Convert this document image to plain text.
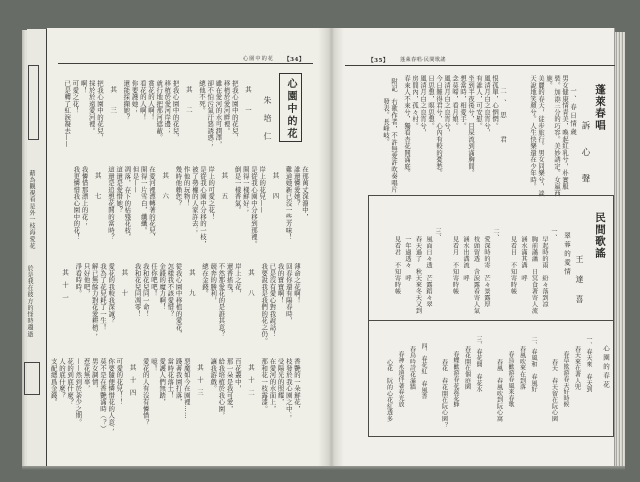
藉為觀視看是外一枝海愛花
於是我在彼方的怪時趨逝
心園中的花 【34】
心園中的花
朱培仁
其一
把我心園中的花兒，
移植於愛河畔裡。
雖在愛河的水可潤澤，
卻不怕污氣汙惡誘惑；
總他不死。
其二
把我心園中的花兒，
移植於愛河岸邊；
就行地把那河遮蔽。
賞花的人啊！
看花的人啊！
你要護她；
還能採擷她？
其三
把我心園中的花兒，
採於於遠愛河裡。
啊！
可愛之花！
已是轉了紅淚凝去——
在那萬丈深淵中，
誰還憐愛她？
難道她新已沒一些芳味！
其四
岸上的花兒——
是從我心園中分移到那裡。
開得一樣鮮好；
倒是一樣香氣。
其五
岸上的可愛之花！
是從我心園中分移的一枝，
被了勢權的人家許去；
作他的玩物！
幾時他賴您？
其六
在愛河裡漂轉著的花兒，
開得一片雪白，纖纖。
但是——
凋落，存下的枯殘花枝，
這還是愛惜她？
這還是追想花開的當時？
其七
我憐惜那漂上的花；
我更憐惜我心園中的花！
薄命之花啊！
回春你還有陽春時，
我的寶寶啊！
已是沒有愛心對我說話！
我要說我是我們的花之仍。
其八
岸上之花，
還香搖曳，
不然那愛花的是誰其意？
競奔的勝利，
總在金錢。
其九
從我心園中移植的愛花，
怎樣我不該愛惜？
金錢的魔力啊！
任你吧吧！
我和花兒同一命！
我和花兒同凋零！
其十
愛花的我較我深誠？
我為了花兒耗了一生！
解已無餘力對花愛耕植；
只好他吧，
淨看時時。
其十一
香艷的一朵鮮花，
枝發於我心園之中；
受陽光的照耀，
在愛河的水面上，
那和花一枝露漆。
其十二
百花叢中，
那一朵是我可愛，
給我培植於我心園，
讓我游戲。
其十三
惡魔如今在園裡……
踐著我園打落，
當時花落土！
愛護人們無踏，
噫！
愛花的人有沒有憐惜？
其十四
可愛的花兒！！
你要隨便憐惜花的人意；
莫不是在香艷滿時（？）
男女調情，
惹花無辜，
——然到於荼少之期。
花的到底什麼？
人的底什麼？
支配總爲金錢。
【35】 蓬萊春唱·民間歌謠
蓬萊春唱
訴心聲
一、春日情歲
男女健康情青美，喚起紅乳兮，朴實服
裝。加添三分的巧容。美妙誘定。女羸西
施。
美麗的春天，徒步旅行。男女同樂兮，談
天說地笑顏兮。人生快樂還在少年時。
二、思　君
恨孤單，心惘惘。
風清月白之良宵兮，
有誰人，可安慰。
坐到半夜後兮，目屎流到滿胸間。
想當時，相愛手。
念莫啼，看月娘。
風清月白之良宵兮，
今日難得君兮，心內有較的憂愁。
日思想，暝思想。
風清月白之良宵兮，
房間內，孤々村。
春來人不來兮，獨看杏花開滿庭。
附記　右歌作者，不許無愛許吹奏唱片
發表。長峰岐。
民間歌謠
王達喜
翠蓉的愛情
一、
早起時的雨　紛々落到凉
胸前瀟瀟　日冥食著寄人流
涵水滿其溝　呼
見看目　不知寄時帳
二、
愛深時的寄　芒々景露厚
枝頭留透　含淚露看寄人氣
涵水出溝流　呼
見看月　不知寄時帳
三、
風面日々透　芒露蹈々翠
春天過了　秋天來冬天又到
一年過透々　呼
見看君　不知寄時帳
心園的春花
一、春天來　春天到
春天來在著人兜
春草欺游春天好時候
春天　春天留在阮心園
二、春風和　春風好
春風吹來在到落
春鳥歡游春風来春歌
春風　春風吹到阮心窩
三、春花開　春花水
春花開在個庭園
春蝶歡游春花蕊花蜂
春花　春花開在阮心園？
四、春花紅　春風香
春鳥吟詩花滿牆
春神永遠伴著春光放
心花　阮的心花紅透多
